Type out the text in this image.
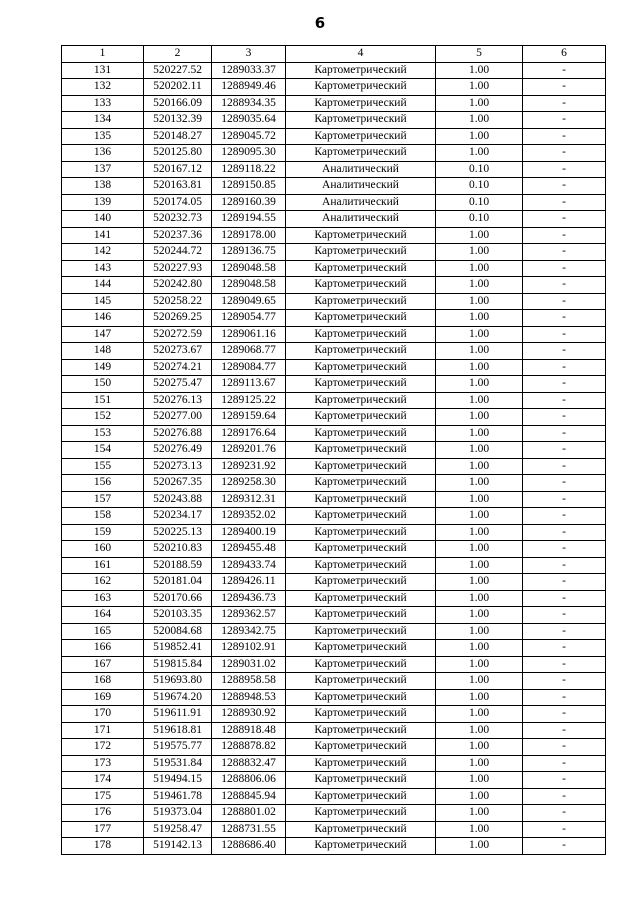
6
1	2	3	4	5	6
131	520227.52	1289033.37	Картометрический	1.00	-
132	520202.11	1288949.46	Картометрический	1.00	-
133	520166.09	1288934.35	Картометрический	1.00	-
134	520132.39	1289035.64	Картометрический	1.00	-
135	520148.27	1289045.72	Картометрический	1.00	-
136	520125.80	1289095.30	Картометрический	1.00	-
137	520167.12	1289118.22	Аналитический	0.10	-
138	520163.81	1289150.85	Аналитический	0.10	-
139	520174.05	1289160.39	Аналитический	0.10	-
140	520232.73	1289194.55	Аналитический	0.10	-
141	520237.36	1289178.00	Картометрический	1.00	-
142	520244.72	1289136.75	Картометрический	1.00	-
143	520227.93	1289048.58	Картометрический	1.00	-
144	520242.80	1289048.58	Картометрический	1.00	-
145	520258.22	1289049.65	Картометрический	1.00	-
146	520269.25	1289054.77	Картометрический	1.00	-
147	520272.59	1289061.16	Картометрический	1.00	-
148	520273.67	1289068.77	Картометрический	1.00	-
149	520274.21	1289084.77	Картометрический	1.00	-
150	520275.47	1289113.67	Картометрический	1.00	-
151	520276.13	1289125.22	Картометрический	1.00	-
152	520277.00	1289159.64	Картометрический	1.00	-
153	520276.88	1289176.64	Картометрический	1.00	-
154	520276.49	1289201.76	Картометрический	1.00	-
155	520273.13	1289231.92	Картометрический	1.00	-
156	520267.35	1289258.30	Картометрический	1.00	-
157	520243.88	1289312.31	Картометрический	1.00	-
158	520234.17	1289352.02	Картометрический	1.00	-
159	520225.13	1289400.19	Картометрический	1.00	-
160	520210.83	1289455.48	Картометрический	1.00	-
161	520188.59	1289433.74	Картометрический	1.00	-
162	520181.04	1289426.11	Картометрический	1.00	-
163	520170.66	1289436.73	Картометрический	1.00	-
164	520103.35	1289362.57	Картометрический	1.00	-
165	520084.68	1289342.75	Картометрический	1.00	-
166	519852.41	1289102.91	Картометрический	1.00	-
167	519815.84	1289031.02	Картометрический	1.00	-
168	519693.80	1288958.58	Картометрический	1.00	-
169	519674.20	1288948.53	Картометрический	1.00	-
170	519611.91	1288930.92	Картометрический	1.00	-
171	519618.81	1288918.48	Картометрический	1.00	-
172	519575.77	1288878.82	Картометрический	1.00	-
173	519531.84	1288832.47	Картометрический	1.00	-
174	519494.15	1288806.06	Картометрический	1.00	-
175	519461.78	1288845.94	Картометрический	1.00	-
176	519373.04	1288801.02	Картометрический	1.00	-
177	519258.47	1288731.55	Картометрический	1.00	-
178	519142.13	1288686.40	Картометрический	1.00	-
